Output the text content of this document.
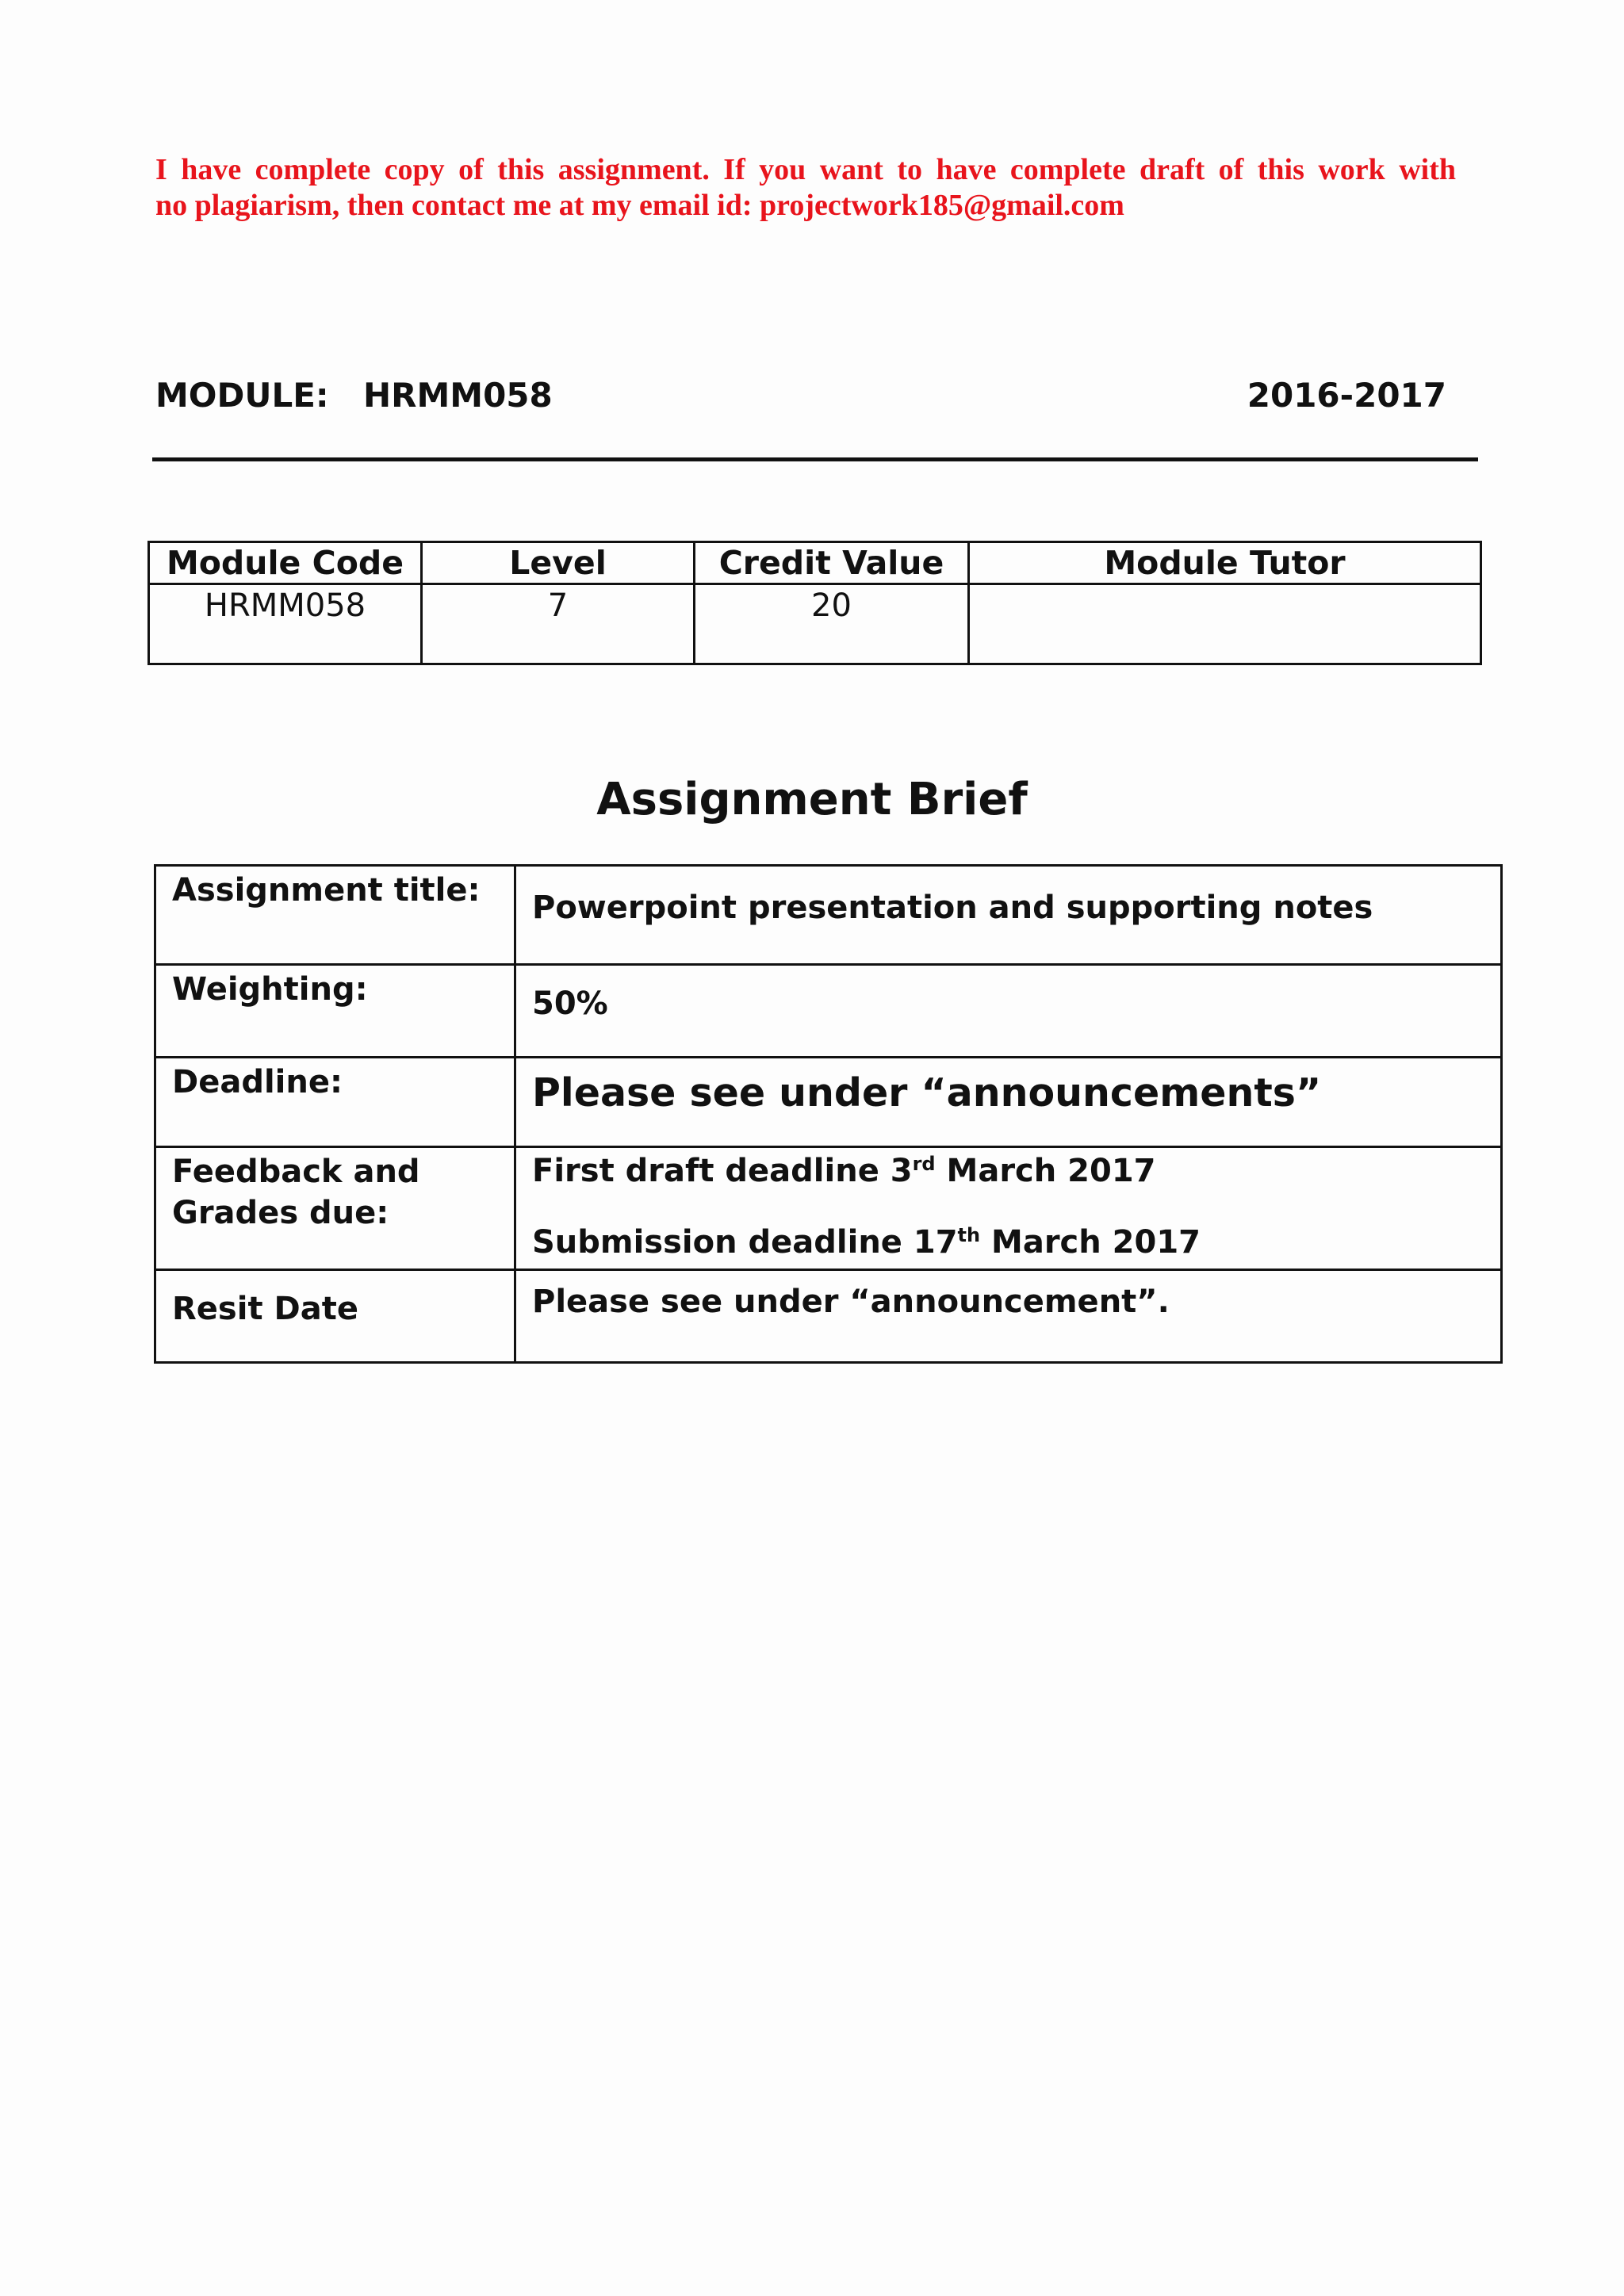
I have complete copy of this assignment. If you want to have complete draft of this work with
no plagiarism, then contact me at my email id: projectwork185@gmail.com
MODULE: HRMM058	2016-2017
Module Code	Level	Credit Value	Module Tutor
HRMM058	7	20	
Assignment Brief
Assignment title:	Powerpoint presentation and supporting notes
Weighting:	50%
Deadline:	Please see under “announcements”
Feedback and
Grades due:	First draft deadline 3rd March 2017
Submission deadline 17th March 2017

Resit Date	Please see under “announcement”.
